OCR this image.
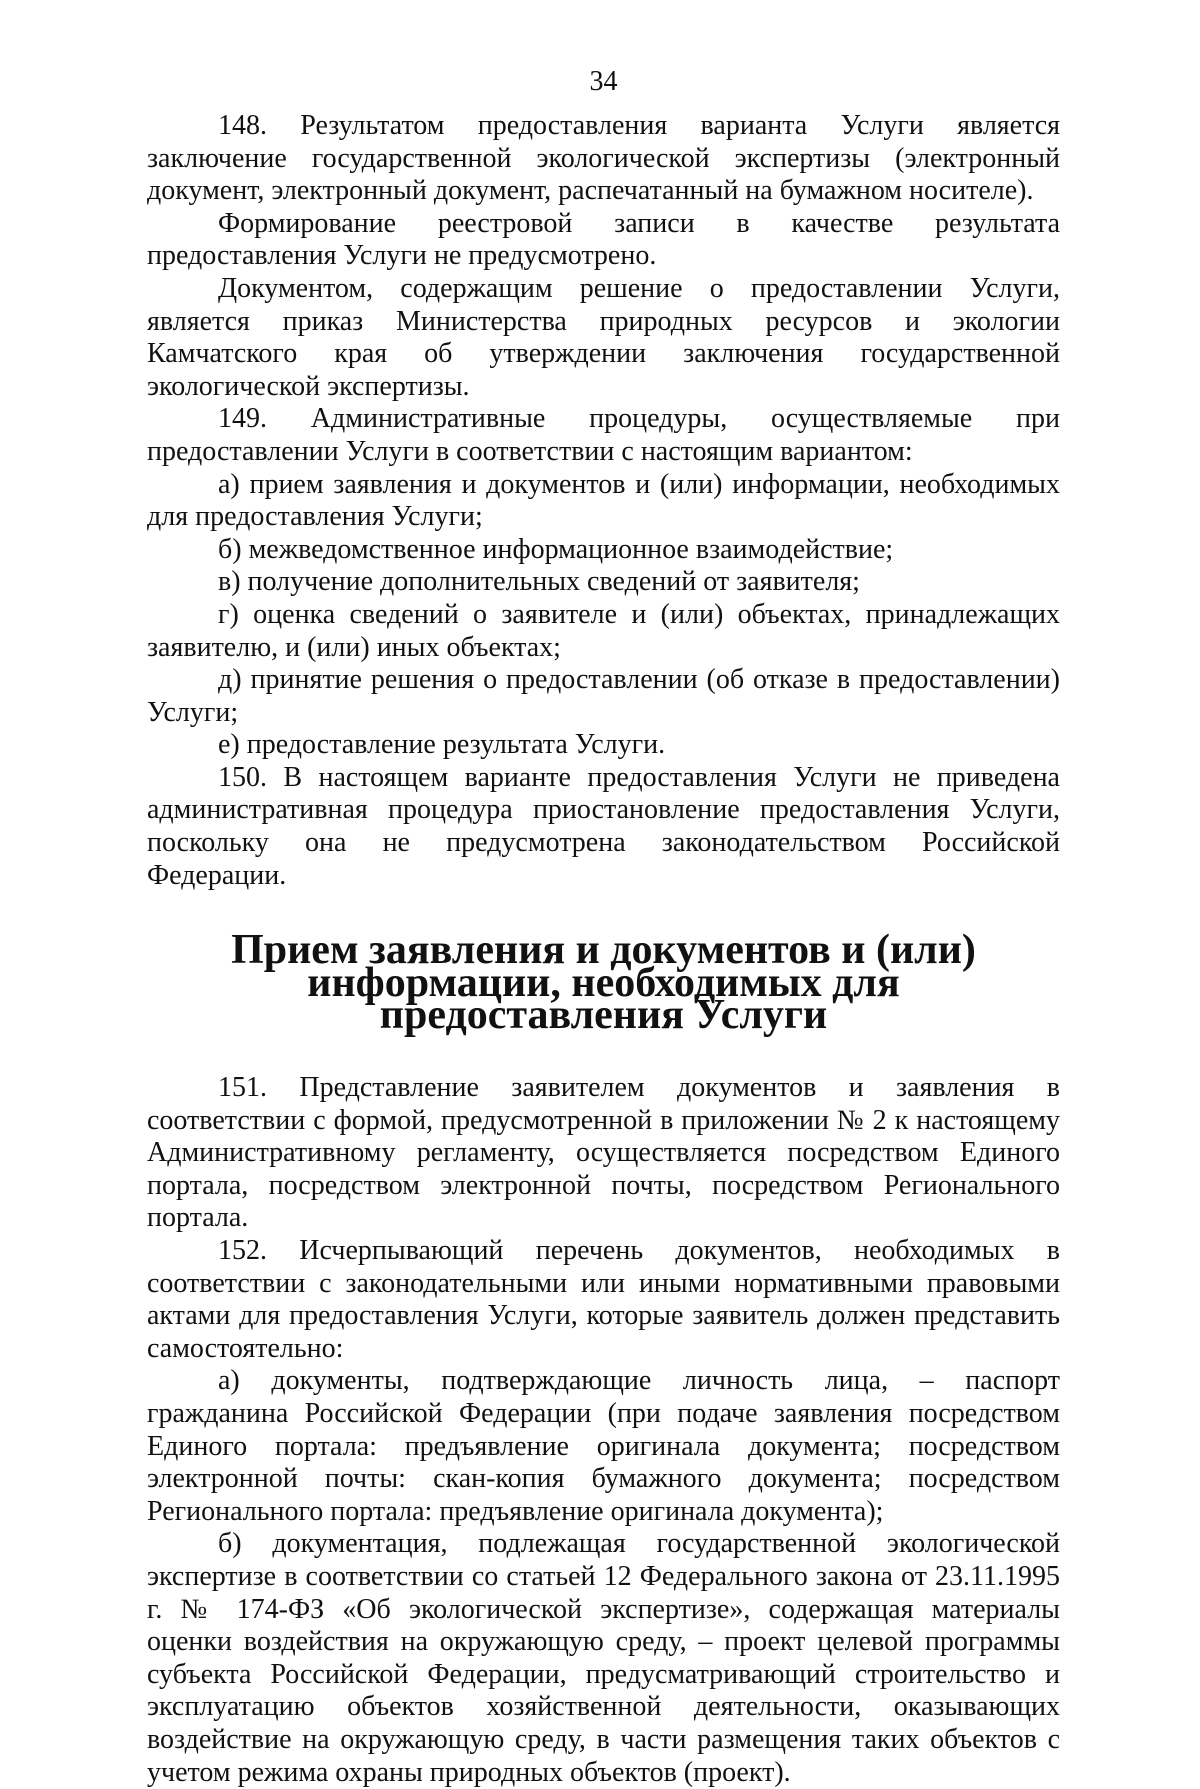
34

148. Результатом предоставления варианта Услуги является заключение государственной экологической экспертизы (электронный документ, электронный документ, распечатанный на бумажном носителе).

Формирование реестровой записи в качестве результата предоставления Услуги не предусмотрено.

Документом, содержащим решение о предоставлении Услуги, является приказ Министерства природных ресурсов и экологии Камчатского края об утверждении заключения государственной экологической экспертизы.

149. Административные процедуры, осуществляемые при предоставлении Услуги в соответствии с настоящим вариантом:

а) прием заявления и документов и (или) информации, необходимых для предоставления Услуги;

б) межведомственное информационное взаимодействие;

в) получение дополнительных сведений от заявителя;

г) оценка сведений о заявителе и (или) объектах, принадлежащих заявителю, и (или) иных объектах;

д) принятие решения о предоставлении (об отказе в предоставлении) Услуги;

е) предоставление результата Услуги.

150. В настоящем варианте предоставления Услуги не приведена административная процедура приостановление предоставления Услуги, поскольку она не предусмотрена законодательством Российской Федерации.

Прием заявления и документов и (или) информации, необходимых для
предоставления Услуги

151. Представление заявителем документов и заявления в соответствии с формой, предусмотренной в приложении № 2 к настоящему Административному регламенту, осуществляется посредством Единого портала, посредством электронной почты, посредством Регионального портала.

152. Исчерпывающий перечень документов, необходимых в соответствии с законодательными или иными нормативными правовыми актами для предоставления Услуги, которые заявитель должен представить самостоятельно:

а) документы, подтверждающие личность лица, – паспорт гражданина Российской Федерации (при подаче заявления посредством Единого портала: предъявление оригинала документа; посредством электронной почты: скан-копия бумажного документа; посредством Регионального портала: предъявление оригинала документа);

б) документация, подлежащая государственной экологической экспертизе в соответствии со статьей 12 Федерального закона от 23.11.1995 г. № 174-ФЗ «Об экологической экспертизе», содержащая материалы оценки воздействия на окружающую среду, – проект целевой программы субъекта Российской Федерации, предусматривающий строительство и эксплуатацию объектов хозяйственной деятельности, оказывающих воздействие на окружающую среду, в части размещения таких объектов с учетом режима охраны природных объектов (проект).
